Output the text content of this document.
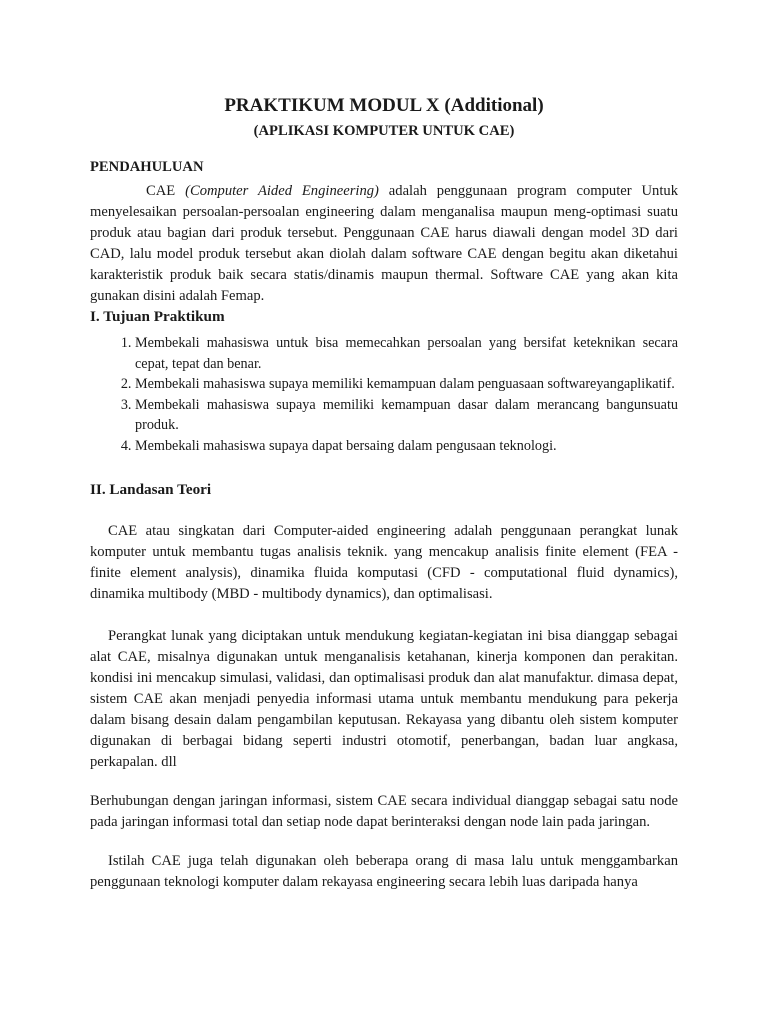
PRAKTIKUM MODUL X (Additional)
(APLIKASI KOMPUTER UNTUK CAE)
PENDAHULUAN

CAE (Computer Aided Engineering) adalah penggunaan program computer Untuk menyelesaikan persoalan-persoalan engineering dalam menganalisa maupun meng-optimasi suatu produk atau bagian dari produk tersebut. Penggunaan CAE harus diawali dengan model 3D dari CAD, lalu model produk tersebut akan diolah dalam software CAE dengan begitu akan diketahui karakteristik produk baik secara statis/dinamis maupun thermal. Software CAE yang akan kita gunakan disini adalah Femap.

I. Tujuan Praktikum
1. Membekali mahasiswa untuk bisa memecahkan persoalan yang bersifat keteknikan secara cepat, tepat dan benar.
2. Membekali mahasiswa supaya memiliki kemampuan dalam penguasaan softwareyangaplikatif.
3. Membekali mahasiswa supaya memiliki kemampuan dasar dalam merancang bangunsuatu produk.
4. Membekali mahasiswa supaya dapat bersaing dalam pengusaan teknologi.
II. Landasan Teori

CAE atau singkatan dari Computer-aided engineering adalah penggunaan perangkat lunak komputer untuk membantu tugas analisis teknik. yang mencakup analisis finite element (FEA - finite element analysis), dinamika fluida komputasi (CFD - computational fluid dynamics), dinamika multibody (MBD - multibody dynamics), dan optimalisasi.

Perangkat lunak yang diciptakan untuk mendukung kegiatan-kegiatan ini bisa dianggap sebagai alat CAE, misalnya digunakan untuk menganalisis ketahanan, kinerja komponen dan perakitan. kondisi ini mencakup simulasi, validasi, dan optimalisasi produk dan alat manufaktur. dimasa depat, sistem CAE akan menjadi penyedia informasi utama untuk membantu mendukung para pekerja dalam bisang desain dalam pengambilan keputusan. Rekayasa yang dibantu oleh sistem komputer digunakan di berbagai bidang seperti industri otomotif, penerbangan, badan luar angkasa, perkapalan. dll

Berhubungan dengan jaringan informasi, sistem CAE secara individual dianggap sebagai satu node pada jaringan informasi total dan setiap node dapat berinteraksi dengan node lain pada jaringan.

Istilah CAE juga telah digunakan oleh beberapa orang di masa lalu untuk menggambarkan penggunaan teknologi komputer dalam rekayasa engineering secara lebih luas daripada hanya
